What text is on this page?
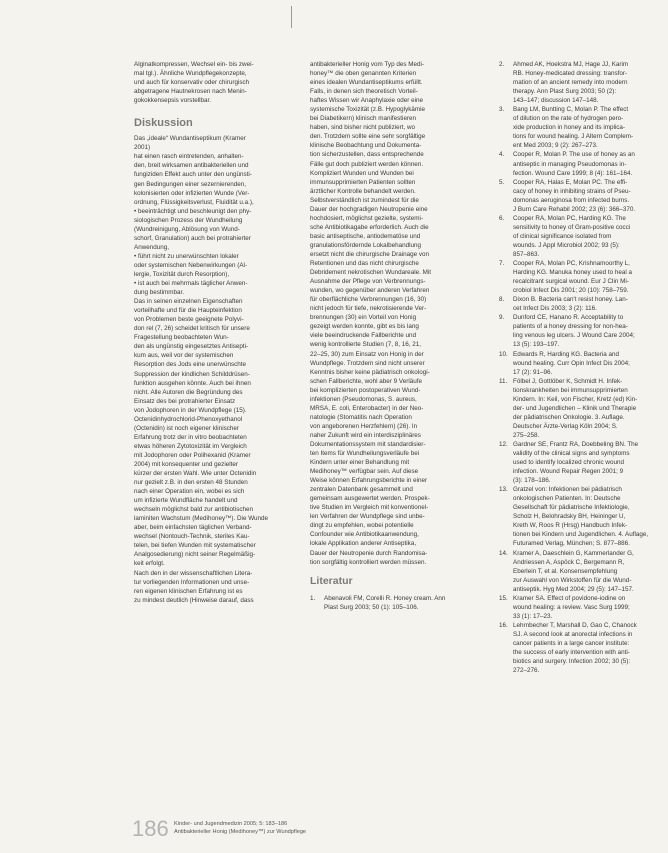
Alginatkompressen, Wechsel ein- bis zwei-
mal tgl.). Ähnliche Wundpflegekonzepte,
und auch für konservativ oder chirurgisch
abgetragene Hautnekrosen nach Menin-
gokokkensepsis vorstellbar.
Diskussion
Das „ideale“ Wundantiseptikum (Kramer
2001)
hat einen rasch eintretenden, anhalten-
den, breit wirksamen antibakteriellen und
fungiziden Effekt auch unter den ungünsti-
gen Bedingungen einer sezernierenden,
kolonisierten oder infizierten Wunde (Ver-
ordnung, Flüssigkeitsverlust, Fluidität u.a.),
• beeinträchtigt und beschleunigt den phy-
siologischen Prozess der Wundheilung
(Wundreinigung, Ablösung von Wund-
schorf, Granulation) auch bei protrahierter
Anwendung,
• führt nicht zu unerwünschten lokaler
oder systemischen Nebenwirkungen (Al-
lergie, Toxizität durch Resorption),
• ist auch bei mehrmals täglicher Anwen-
dung bestimmbar.
Das in seinen einzelnen Eigenschaften
vorteilhafte und für die Haupteinfektion
von Problemen beste geeignete Polyvi-
don rel (7, 26) scheidet kritisch für unsere
Fragestellung beobachteten Wun-
den als ungünstig eingesetztes Antisepti-
kum aus, weil vor der systemischen
Resorption des Jods eine unerwünschte
Suppression der kindlichen Schilddrüsen-
funktion ausgehen könnte. Auch bei ihnen
nicht. Alle Autoren die Begründung des
Einsatz des bei protrahierter Einsatz
von Jodophoren in der Wundpflege (15).
Octenidinhydrochlorid-Phenoxyethanol
(Octenidin) ist noch eigener klinischer
Erfahrung trotz der in vitro beobachteten
etwas höheren Zytotoxizität im Vergleich
mit Jodophoren oder Polihexanid (Kramer
2004) mit konsequenter und gezielter
kürzer der ersten Wahl. Wie unter Octenidin
nur gezielt z.B. in den ersten 48 Stunden
nach einer Operation ein, wobei es sich
um infizierte Wundfläche handelt und
wechseln möglichst bald zur antibiotischen
laminiten Wachstum (Medihoney™). Die Wunde
aber, beim einfachsten täglichen Verband-
wechsel (Nontouch-Technik, steriles Kau-
telen, bei tiefen Wunden mit systematischer
Analgosedierung) nicht seiner Regelmäßig-
keit erfolgt.
Nach den in der wissenschaftlichen Litera-
tur vorliegenden Informationen und unse-
ren eigenen klinischen Erfahrung ist es
zu mindest deutlich (Hinweise darauf, dass
antibakterieller Honig vom Typ des Medi-
honey™ die oben genannten Kriterien
eines idealen Wundantiseptikums erfüllt.
Falls, in denen sich theoretisch Vorteil-
haftes Wissen wir Anaphylaxie oder eine
systemische Toxizität (z.B. Hypoglykämie
bei Diabetikern) klinisch manifestieren
haben, sind bisher nicht publiziert, wo
den. Trotzdem sollte eine sehr sorgfältige
klinische Beobachtung und Dokumenta-
tion sicherzustellen, dass entsprechende
Fälle gut doch publiziert werden können.
Kompliziert Wunden und Wunden bei
immunsupprimierten Patienten sollten
ärztlicher Kontrolle behandelt werden.
Selbstverständlich ist zumindest für die
Dauer der hochgradigen Neutropenie eine
hochdosiert, möglichst gezielte, systemi-
sche Antibiotikagabe erforderlich. Auch die
basic antiseptische, antiodematöse und
granulationsfördernde Lokalbehandlung
ersetzt nicht die chirurgische Drainage von
Retentionen und das nicht chirurgische
Debridement nekrotischen Wundareale. Mit
Ausnahme der Pflege von Verbrennungs-
wunden, wo gegenüber anderen Verfahren
für oberflächliche Verbrennungen (16, 30)
nicht jedoch für tiefe, nekrotisierende Ver-
brennungen (30) ein Vorteil von Honig
gezeigt werden konnte, gibt es bis lang
viele beeindruckende Fallberichte und
wenig kontrollierte Studien (7, 8, 16, 21,
22–25, 30) zum Einsatz von Honig in der
Wundpflege. Trotzdem sind nicht unserer
Kenntnis bisher keine pädiatrisch onkologi-
schen Fallberichte, wohl aber 9 Verläufe
bei komplizierten postoperativen Wund-
infektionen (Pseudomonas, S. aureus,
MRSA, E. coli, Enterobacter) in der Neo-
natologie (Stomatitis nach Operation
von angeborenen Herzfehlern) (26). In
naher Zukunft wird ein interdisziplinäres
Dokumentationssystem mit standardisier-
ten Items für Wundheilungsverläufe bei
Kindern unter einer Behandlung mit
Medihoney™ verfügbar sein. Auf diese
Weise können Erfahrungsberichte in einer
zentralen Datenbank gesammelt und
gemeinsam ausgewertet werden. Prospek-
tive Studien im Vergleich mit konventionel-
len Verfahren der Wundpflege sind unbe-
dingt zu empfehlen, wobei potentielle
Confounder wie Antibiotikaanwendung,
lokale Applikation anderer Antiseptika,
Dauer der Neutropenie durch Randomisa-
tion sorgfältig kontrolliert werden müssen.
Literatur
1.	Abenavoli FM, Corelli R. Honey cream. Ann
Plast Surg 2003; 50 (1): 105–106.
2.	Ahmed AK, Hoekstra MJ, Hage JJ, Karim
RB. Honey-medicated dressing: transfor-
mation of an ancient remedy into modern
therapy. Ann Plast Surg 2003; 50 (2):
143–147; discussion 147–148.
3.	Bang LM, Buntting C, Molan P. The effect
of dilution on the rate of hydrogen pero-
xide production in honey and its implica-
tions for wound healing. J Altern Complem-
ent Med 2003; 9 (2): 267–273.
4.	Cooper R, Molan P. The use of honey as an
antiseptic in managing Pseudomonas in-
fection. Wound Care 1999; 8 (4): 161–164.
5.	Cooper RA, Halas E, Molan PC. The effi-
cacy of honey in inhibiting strains of Pseu-
domonas aeruginosa from infected burns.
J Burn Care Rehabil 2002; 23 (6): 366–370.
6.	Cooper RA, Molan PC, Harding KG. The
sensitivity to honey of Gram-positive cocci
of clinical significance isolated from
wounds. J Appl Microbiol 2002; 93 (5):
857–863.
7.	Cooper RA, Molan PC, Krishnamoorthy L,
Harding KG. Manuka honey used to heal a
recalcitrant surgical wound. Eur J Clin Mi-
crobiol Infect Dis 2001; 20 (10): 758–759.
8.	Dixon B. Bacteria can't resist honey. Lan-
cet Infect Dis 2003; 3 (2): 116.
9.	Dunford CE, Hanano R. Acceptability to
patients of a honey dressing for non-hea-
ling venous leg ulcers. J Wound Care 2004;
13 (5): 193–197.
10. Edwards R, Harding KG. Bacteria and
wound healing. Curr Opin Infect Dis 2004;
17 (2): 91–96.
11. Fölbel J, Gottlöber K, Schmidt H. Infek-
tionskrankheiten bei immunsupprimierten
Kindern. In: Keil, von Fischer, Kretz (ed) Kin-
der- und Jugendlichen – Klinik und Therapie
der pädiatrischen Onkologie. 3. Auflage.
Deutscher Ärzte-Verlag Köln 2004; S.
275–258.
12. Gardner SE, Frantz RA, Doebbeling BN. The
validity of the clinical signs and symptoms
used to identify localized chronic wound
infection. Wound Repair Regen 2001; 9
(3): 178–186.
13. Gratzel von: Infektionen bei pädiatrisch
onkologischen Patienten. In: Deutsche
Gesellschaft für pädiatrische Infektiologie,
Scholz H, Belohradsky BH, Heininger U,
Kreth W, Roos R (Hrsg) Handbuch Infek-
tionen bei Kindern und Jugendlichen. 4. Auflage,
Futuramed Verlag, München; S. 877–886.
14. Kramer A, Daeschlein G, Kammerlander G,
Andriessen A, Aspöck C, Bergemann R,
Eberlein T, et al. Konsensempfehlung
zur Auswahl von Wirkstoffen für die Wund-
antiseptik. Hyg Med 2004; 29 (5): 147–157.
15. Kramer SA. Effect of povidone-iodine on
wound healing: a review. Vasc Surg 1999;
33 (1): 17–23.
16. Lehrnbecher T, Marshall D, Gao C, Chanock
SJ. A second look at anorectal infections in
cancer patients in a large cancer institute:
the success of early intervention with anti-
biotics and surgery. Infection 2002; 30 (5):
272–276.
186 Kinder- und Jugendmedizin 2005; 5: 183–186
Antibakterieller Honig (Medihoney™) zur Wundpflege
